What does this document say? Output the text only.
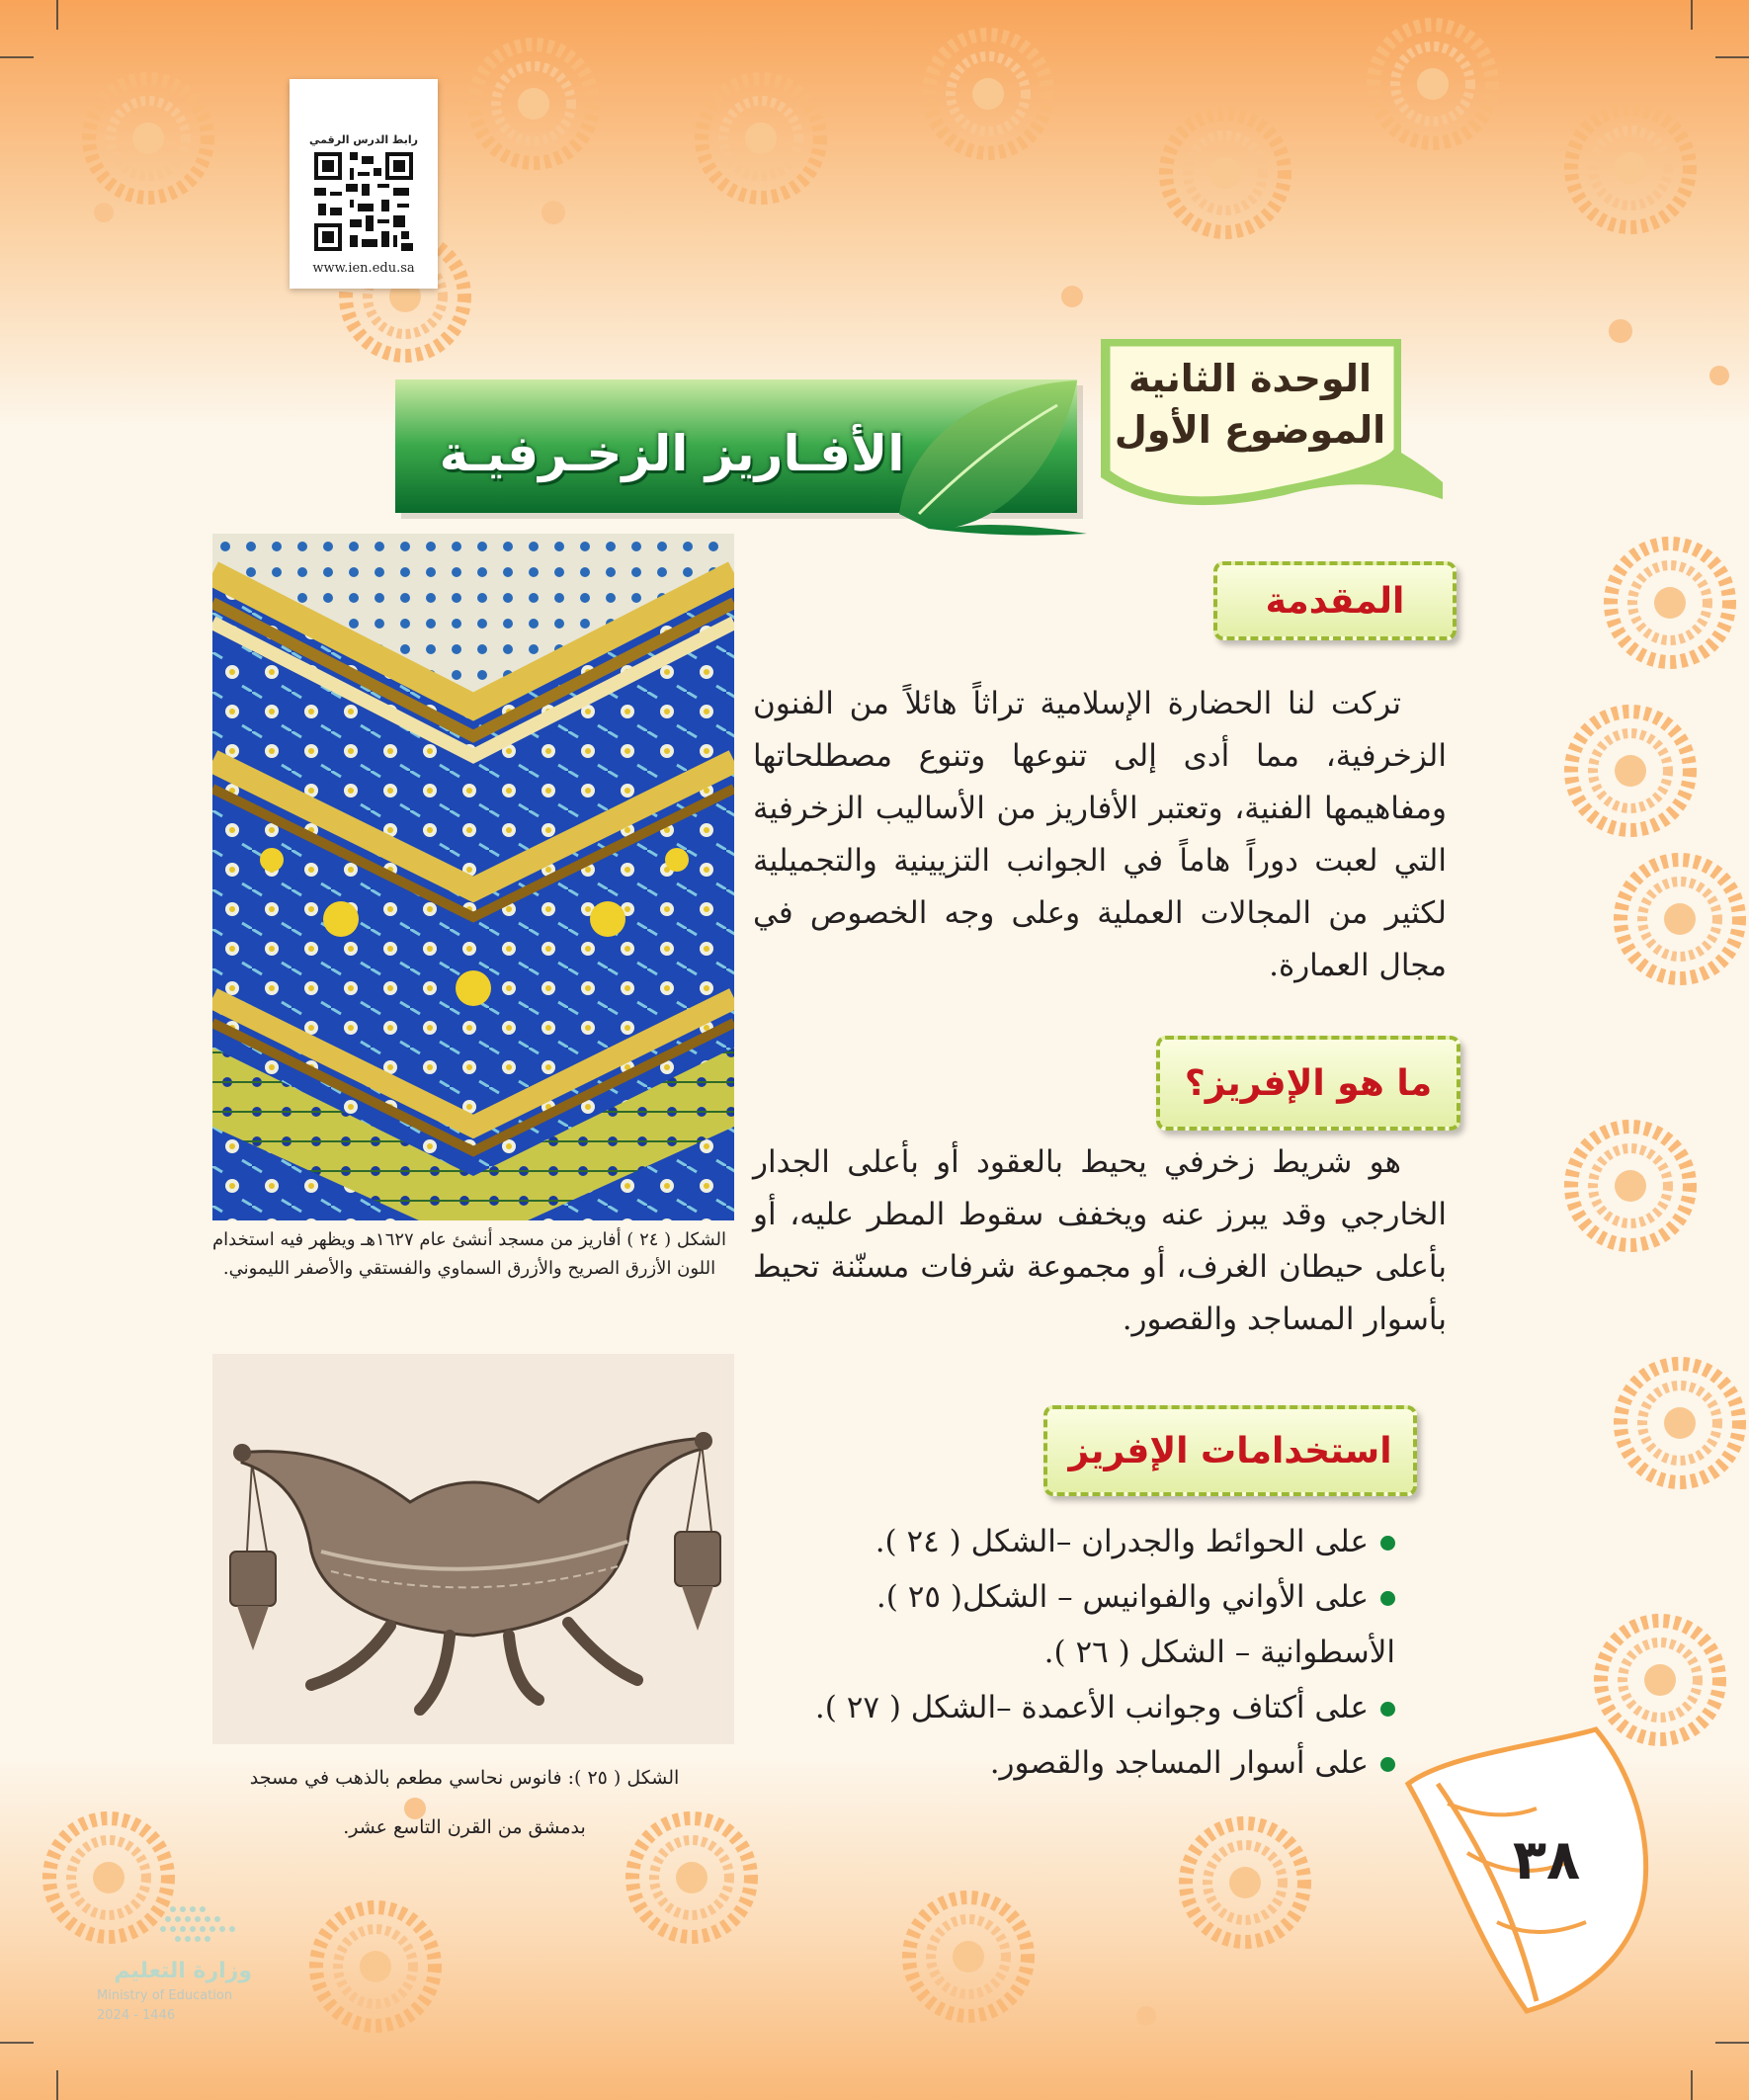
رابط الدرس الرقمي
www.ien.edu.sa
الوحدة الثانية
الموضوع الأول
الأفـاريز الزخـرفيـة
الشكل ( ٢٤ ) أفاريز من مسجد أنشئ عام ١٦٢٧هـ ويظهر فيه استخدام اللون الأزرق الصريح والأزرق السماوي والفستقي والأصفر الليموني.
الشكل ( ٢٥ ): فانوس نحاسي مطعم بالذهب في مسجد
بدمشق من القرن التاسع عشر.
المقدمة
تركت لنا الحضارة الإسلامية تراثاً هائلاً من الفنون الزخرفية، مما أدى إلى تنوعها وتنوع مصطلحاتها ومفاهيمها الفنية، وتعتبر الأفاريز من الأساليب الزخرفية التي لعبت دوراً هاماً في الجوانب التزيينية والتجميلية لكثير من المجالات العملية وعلى وجه الخصوص في مجال العمارة.
ما هو الإفريز؟
هو شريط زخرفي يحيط بالعقود أو بأعلى الجدار الخارجي وقد يبرز عنه ويخفف سقوط المطر عليه، أو بأعلى حيطان الغرف، أو مجموعة شرفات مسنّنة تحيط بأسوار المساجد والقصور.
استخدامات الإفريز
على الحوائط والجدران –الشكل ( ٢٤ ).
على الأواني والفوانيس – الشكل( ٢٥ ).
الأسطوانية – الشكل ( ٢٦ ).
على أكتاف وجوانب الأعمدة –الشكل ( ٢٧ ).
على أسوار المساجد والقصور.
٣٨
وزارة التعليم
Ministry of Education
2024 - 1446
